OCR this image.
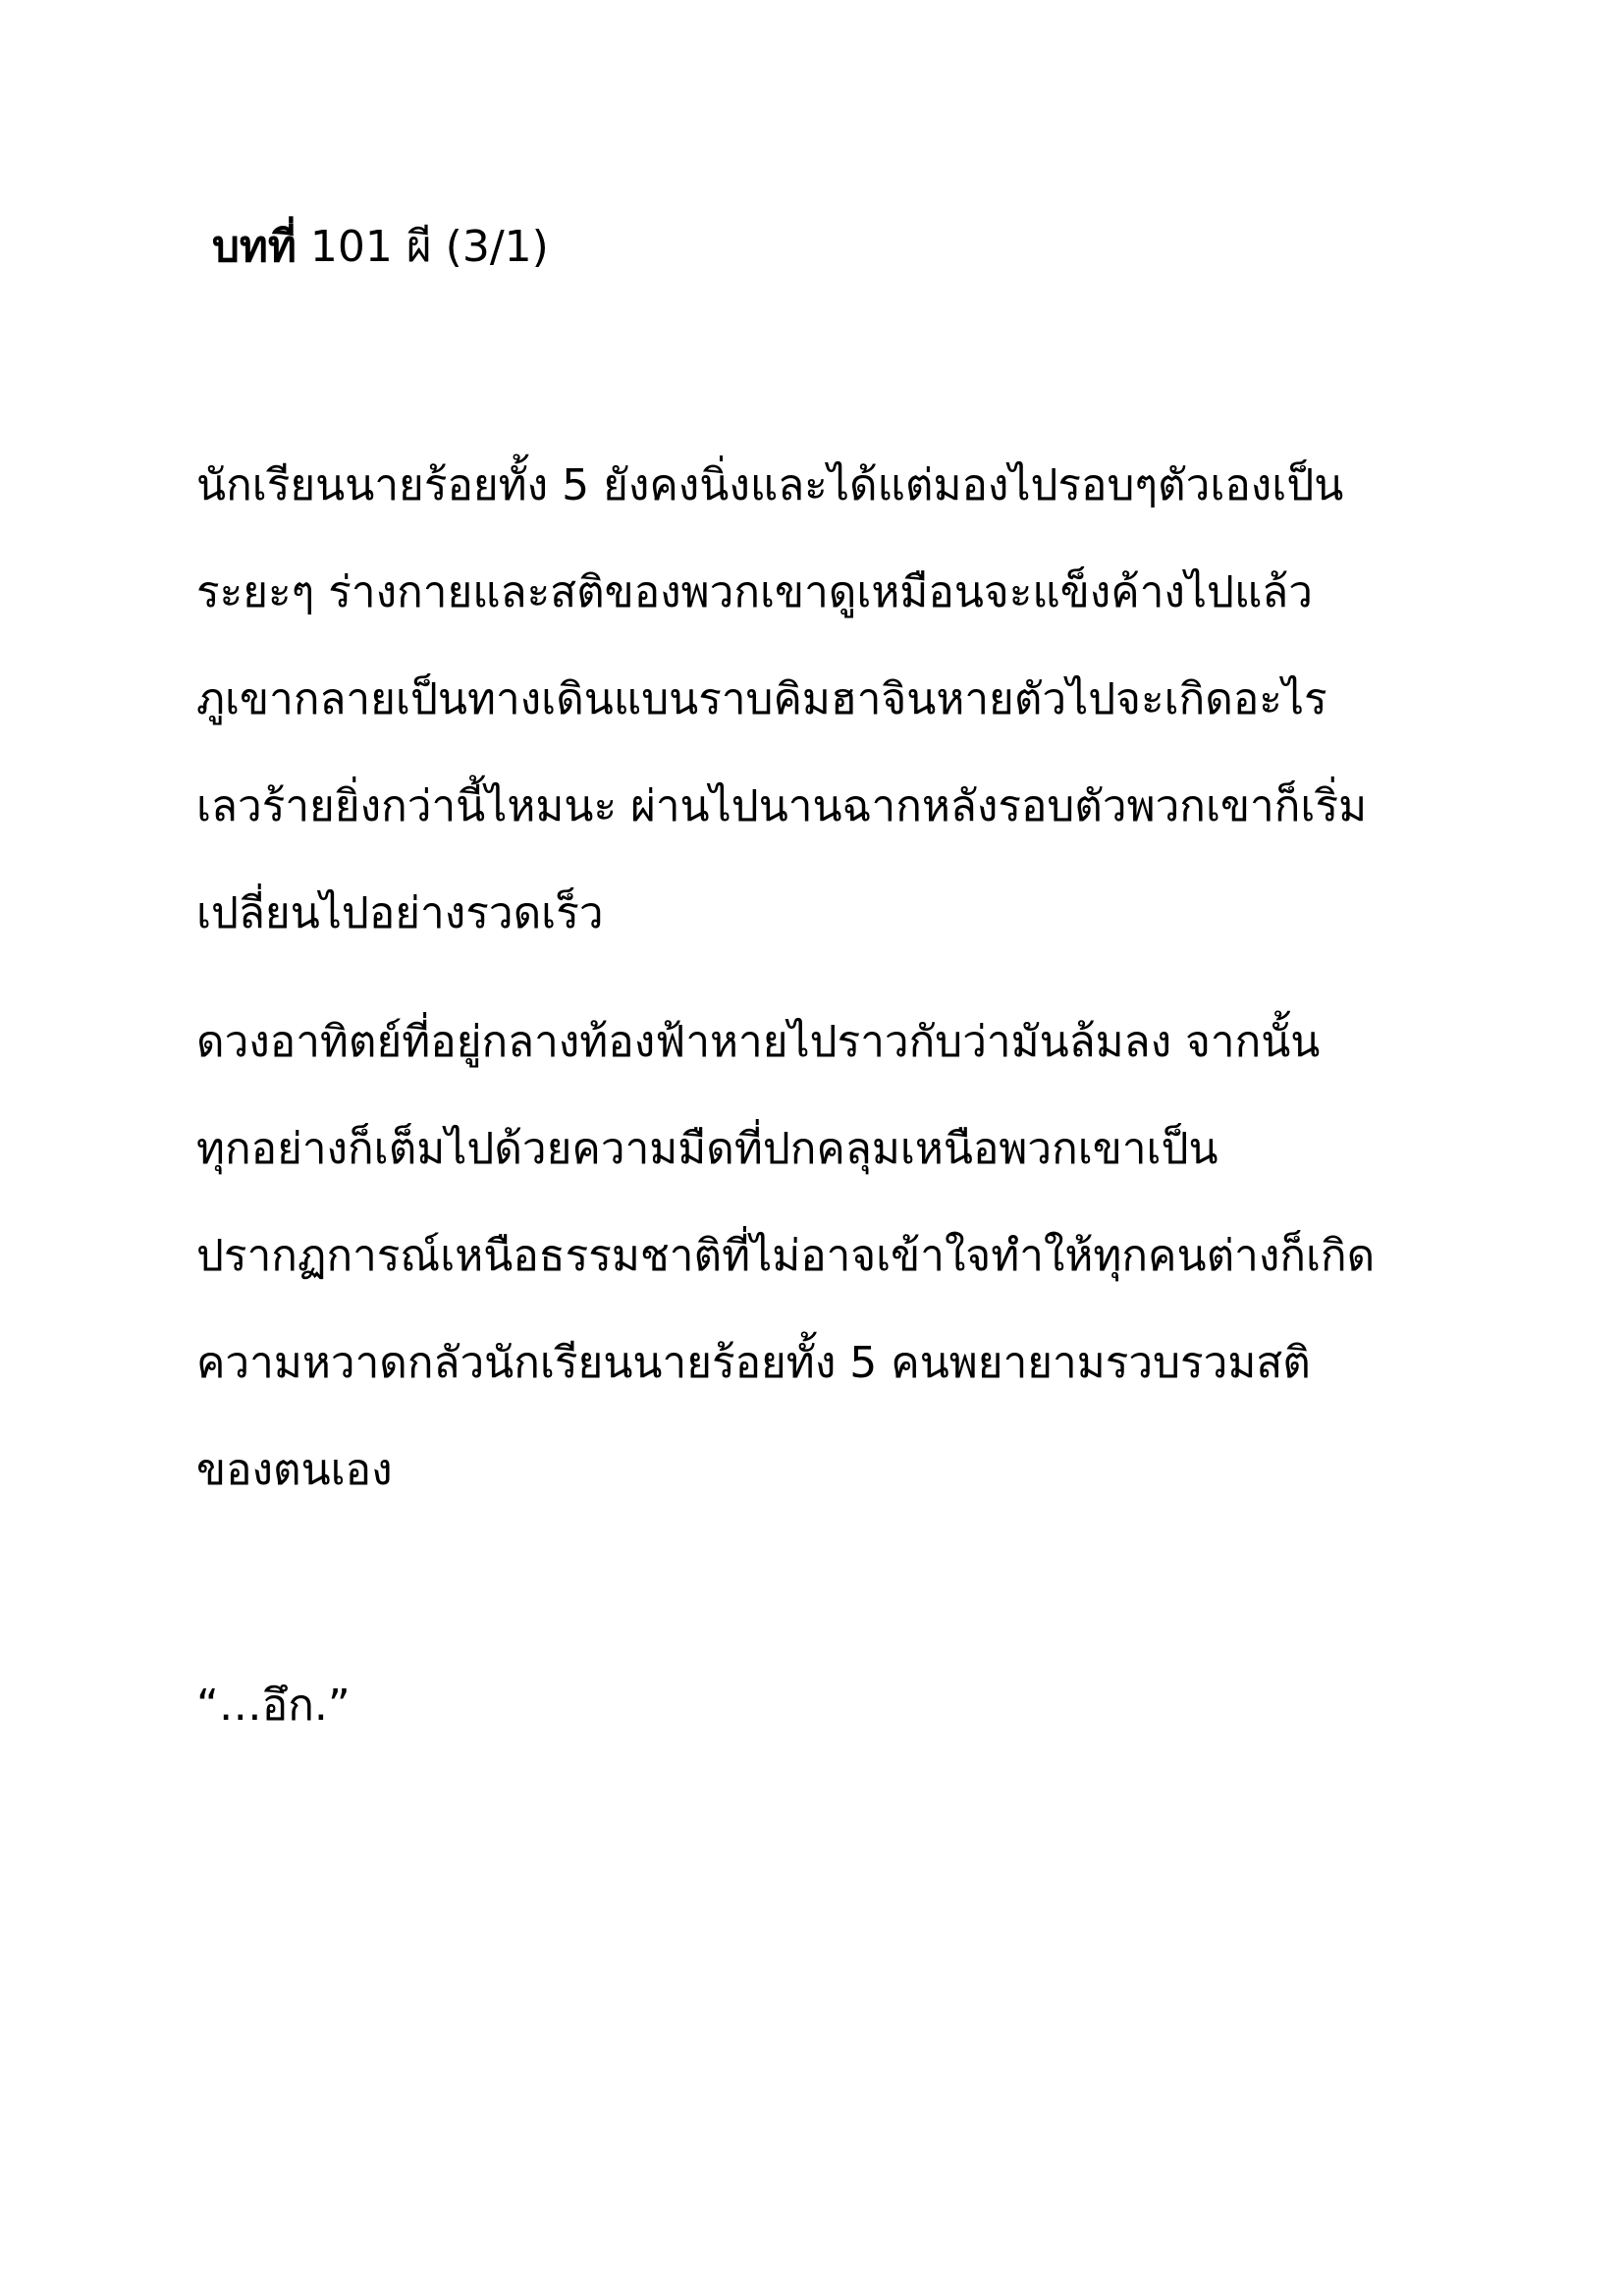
บทที่ 101 ผี (3/1)
นักเรียนนายร้อยทั้ง 5 ยังคงนิ่งและได้แต่มองไปรอบๆตัวเองเป็น
ระยะๆ ร่างกายและสติของพวกเขาดูเหมือนจะแข็งค้างไปแล้ว
ภูเขากลายเป็นทางเดินแบนราบคิมฮาจินหายตัวไปจะเกิดอะไร
เลวร้ายยิ่งกว่านี้ไหมนะ ผ่านไปนานฉากหลังรอบตัวพวกเขาก็เริ่ม
เปลี่ยนไปอย่างรวดเร็ว
ดวงอาทิตย์ที่อยู่กลางท้องฟ้าหายไปราวกับว่ามันล้มลง จากนั้น
ทุกอย่างก็เต็มไปด้วยความมืดที่ปกคลุมเหนือพวกเขาเป็น
ปรากฏการณ์เหนือธรรมชาติที่ไม่อาจเข้าใจทำให้ทุกคนต่างก็เกิด
ความหวาดกลัวนักเรียนนายร้อยทั้ง 5 คนพยายามรวบรวมสติ
ของตนเอง
“…อึก.”
